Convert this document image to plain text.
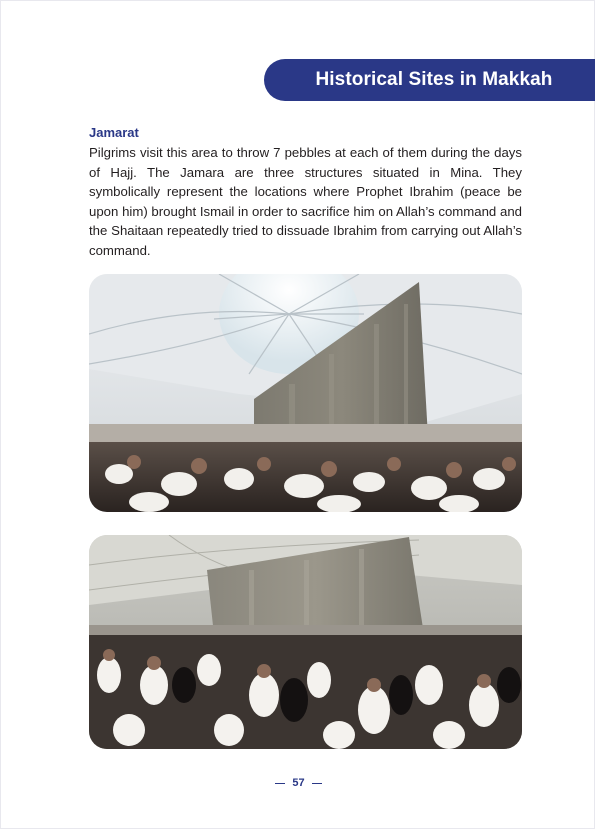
Historical Sites in Makkah
Jamarat

Pilgrims visit this area to throw 7 pebbles at each of them during the days of Hajj. The Jamara are three structures situated in Mina. They symbolically represent the locations where Prophet Ibrahim (peace be upon him) brought Ismail in order to sacrifice him on Allah’s command and the Shaitaan repeatedly tried to dissuade Ibrahim from carrying out Allah’s command.

57
